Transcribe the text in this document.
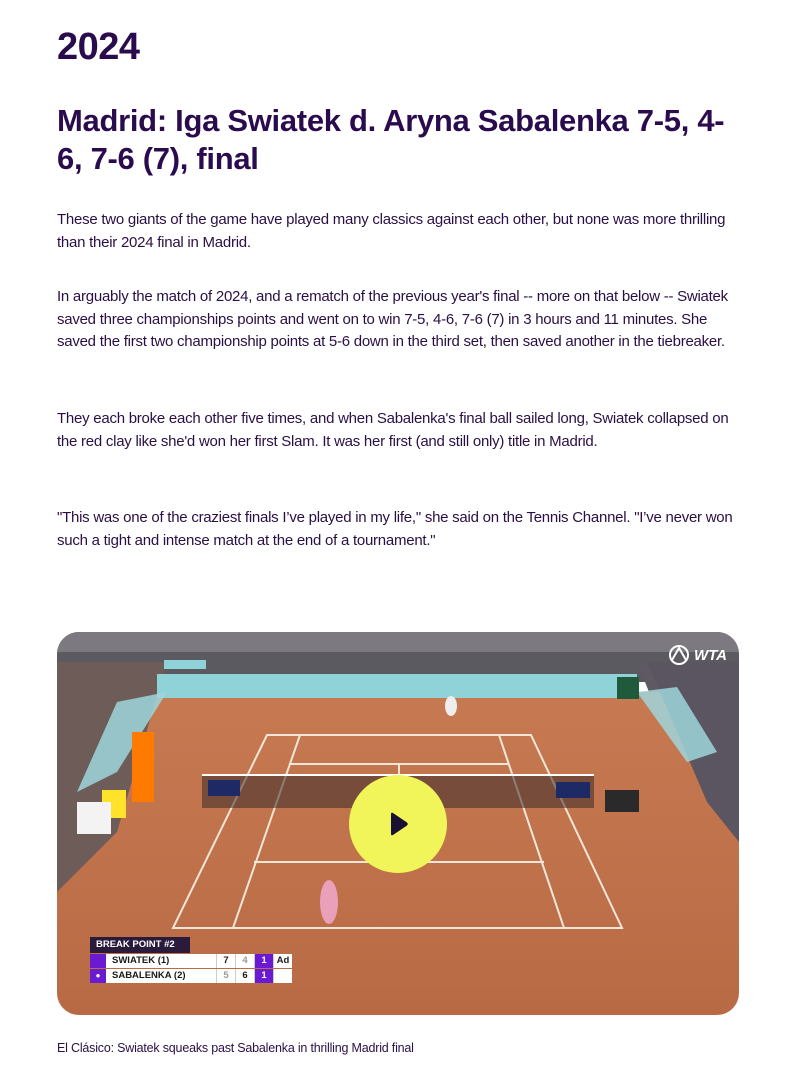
2024
Madrid: Iga Swiatek d. Aryna Sabalenka 7-5, 4-6, 7-6 (7), final

These two giants of the game have played many classics against each other, but none was more thrilling than their 2024 final in Madrid.

In arguably the match of 2024, and a rematch of the previous year's final -- more on that below -- Swiatek saved three championships points and went on to win 7-5, 4-6, 7-6 (7) in 3 hours and 11 minutes. She saved the first two championship points at 5-6 down in the third set, then saved another in the tiebreaker.

They each broke each other five times, and when Sabalenka's final ball sailed long, Swiatek collapsed on the red clay like she'd won her first Slam. It was her first (and still only) title in Madrid.

"This was one of the craziest finals I’ve played in my life," she said on the Tennis Channel. "I’ve never won such a tight and intense match at the end of a tournament."

WTA
BREAK POINT #2
SWIATEK (1)	7	4	1	Ad
●	SABALENKA (2)	5	6	1

El Clásico: Swiatek squeaks past Sabalenka in thrilling Madrid final
